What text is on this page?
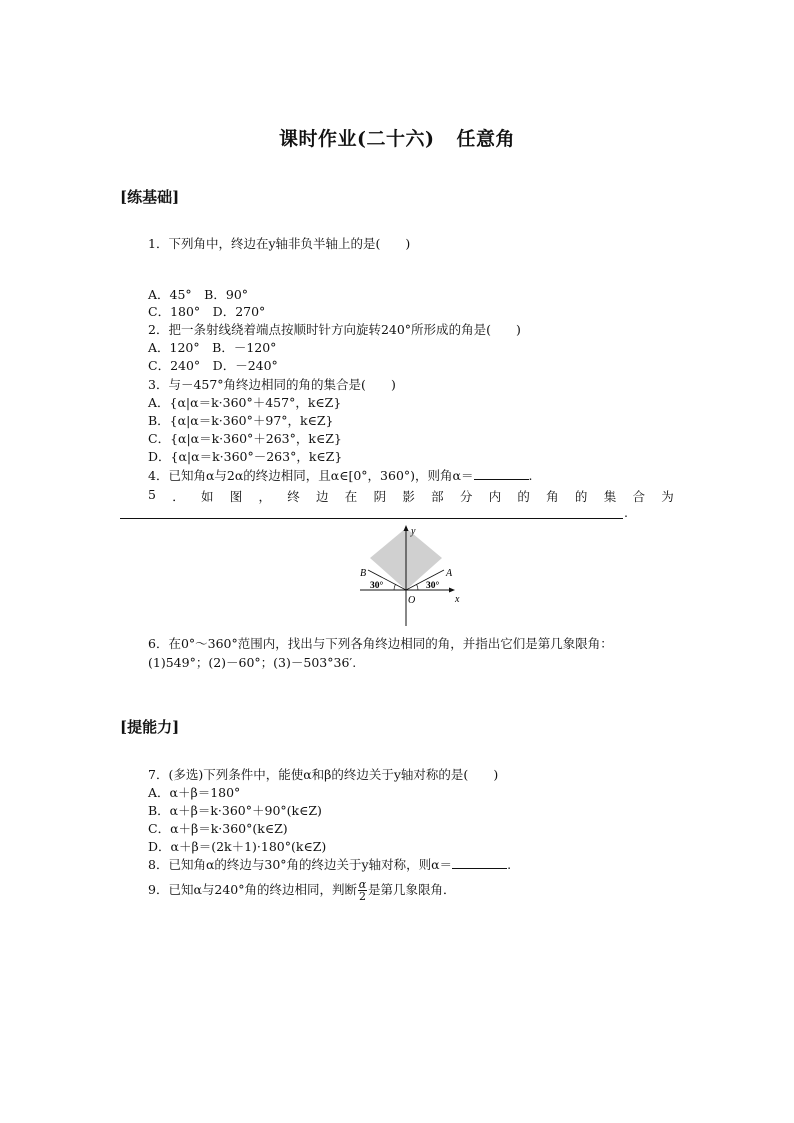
课时作业(二十六) 任意角
[练基础]
1．下列角中，终边在y轴非负半轴上的是(　　)
A．45°　B．90°
C．180°　D．270°
2．把一条射线绕着端点按顺时针方向旋转240°所形成的角是(　　)
A．120°　B．－120°
C．240°　D．－240°
3．与－457°角终边相同的角的集合是(　　)
A．{α|α＝k·360°＋457°，k∈Z}
B．{α|α＝k·360°＋97°，k∈Z}
C．{α|α＝k·360°＋263°，k∈Z}
D．{α|α＝k·360°－263°，k∈Z}
4．已知角α与2α的终边相同，且α∈[0°，360°)，则角α＝	.
5 ． 如 图 ， 终 边 在 阴 影 部 分 内 的 角 的 集 合 为
.
y
x
O
A
B
30°	30°
6．在0°～360°范围内，找出与下列各角终边相同的角，并指出它们是第几象限角：
(1)549°；(2)－60°；(3)－503°36′.
[提能力]
7．(多选)下列条件中，能使α和β的终边关于y轴对称的是(　　)
A．α＋β＝180°
B．α＋β＝k·360°＋90°(k∈Z)
C．α＋β＝k·360°(k∈Z)
D．α＋β＝(2k＋1)·180°(k∈Z)
8．已知角α的终边与30°角的终边关于y轴对称，则α＝	.
9．已知α与240°角的终边相同，判断 $\frac{\alpha}{2}$ 是第几象限角．
